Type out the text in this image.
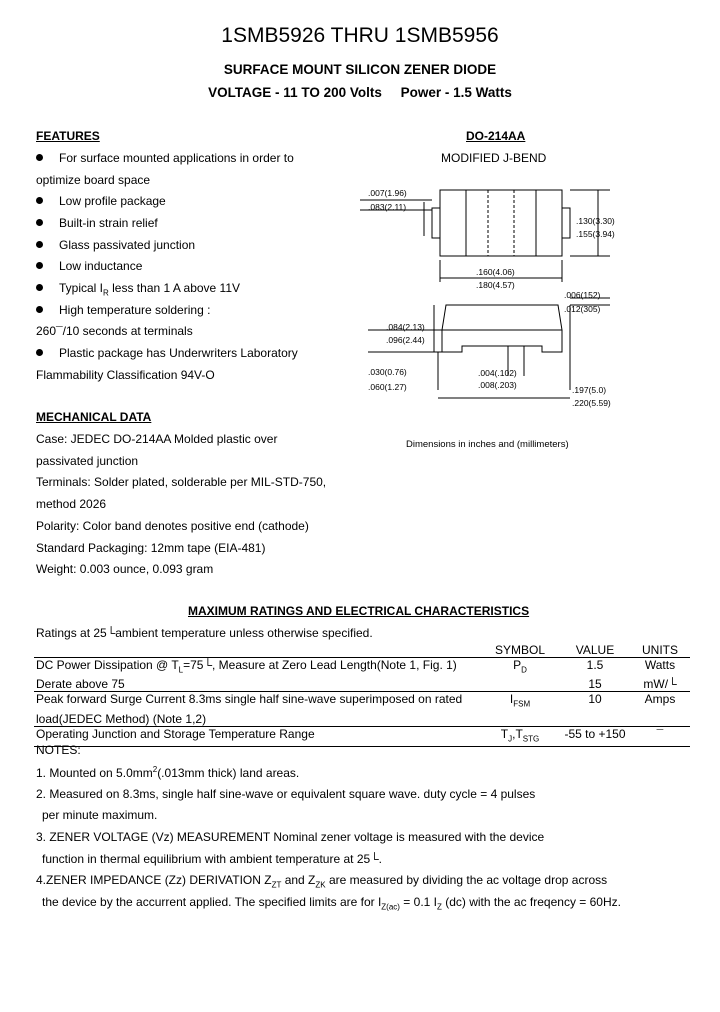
1SMB5926 THRU 1SMB5956
SURFACE MOUNT SILICON ZENER DIODE
VOLTAGE - 11 TO 200 Volts Power - 1.5 Watts
FEATURES
For surface mounted applications in order to
optimize board space
Low profile package
Built-in strain relief
Glass passivated junction
Low inductance
Typical $I_R$ less than 1 A above 11V
High temperature soldering :
260¯/10 seconds at terminals
Plastic package has Underwriters Laboratory
Flammability Classification 94V-O
DO-214AA
MODIFIED J-BEND
.007(1.96)
.083(2.11)
.130(3.30)
.155(3.94)
.160(4.06)
.180(4.57)
.006(152)
.012(305)
.084(2.13)
.096(2.44)
.030(0.76)
.060(1.27)
.004(.102)
.008(.203)	.197(5.0)
.220(5.59)
Dimensions in inches and (millimeters)
MECHANICAL DATA
Case: JEDEC DO-214AA Molded plastic over
passivated junction
Terminals: Solder plated, solderable per MIL-STD-750,
method 2026
Polarity: Color band denotes positive end (cathode)
Standard Packaging: 12mm tape (EIA-481)
Weight: 0.003 ounce, 0.093 gram
MAXIMUM RATINGS AND ELECTRICAL CHARACTERISTICS
Ratings at 25└ambient temperature unless otherwise specified.
	SYMBOL	VALUE	UNITS
DC Power Dissipation @ $T_L=75└$, Measure at Zero Lead Length(Note 1, Fig. 1)	$P_D$	1.5	Watts
Derate above 75		15	mW/└
Peak forward Surge Current 8.3ms single half sine-wave superimposed on rated	$I_{FSM}$	10	Amps
load(JEDEC Method) (Note 1,2)			
Operating Junction and Storage Temperature Range	$T_J,T_{STG}$	-55 to +150	¯
NOTES:
1. Mounted on $5.0mm^2(.013mm$ thick) land areas.
2. Measured on 8.3ms, single half sine-wave or equivalent square wave. duty cycle = 4 pulses
per minute maximum.
3. ZENER VOLTAGE (Vz) MEASUREMENT Nominal zener voltage is measured with the device
function in thermal equilibrium with ambient temperature at 25└.
4.ZENER IMPEDANCE (Zz) DERIVATION $Z_{ZT}$ and $Z_{ZK}$ are measured by dividing the ac voltage drop across
the device by the accurrent applied. The specified limits are for $I_{Z(ac)} = 0.1$ $I_Z$ (dc) with the ac freqency = 60Hz.
